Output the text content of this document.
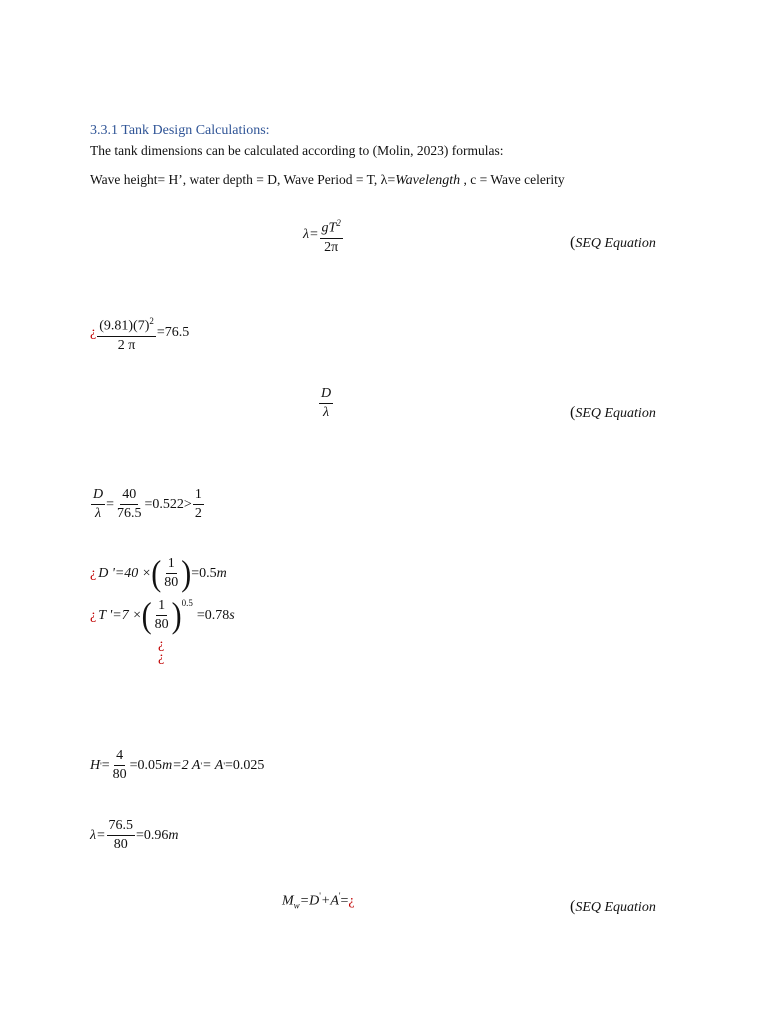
3.3.1 Tank Design Calculations:
The tank dimensions can be calculated according to (Molin, 2023) formulas:
Wave height= H’, water depth = D, Wave Period = T, λ=Wavelength , c = Wave celerity
$\lambda= \frac{gT^2}{2\pi}$	(SEQ Equation
¿ $\frac{(9.81)(7)^2}{2 \pi} =76.5$
$\frac{D}{\lambda}$	(SEQ Equation
$\frac{D}{\lambda} = \frac{40}{76.5} =0.522> \frac{1}{2}$
¿ D '=40 × ( $\frac{1}{80}$ ) =0.5 m
¿ T '=7 × ( $\frac{1}{80}$ ) 0.5
=0.78 s
¿
¿
H ' = $\frac{4}{80} =0.05$ m =2 A ' = A ' =0.025
$\lambda= \frac{76.5}{80} =0.96$ m
$M_w=D'+A'=¿$	(SEQ Equation
